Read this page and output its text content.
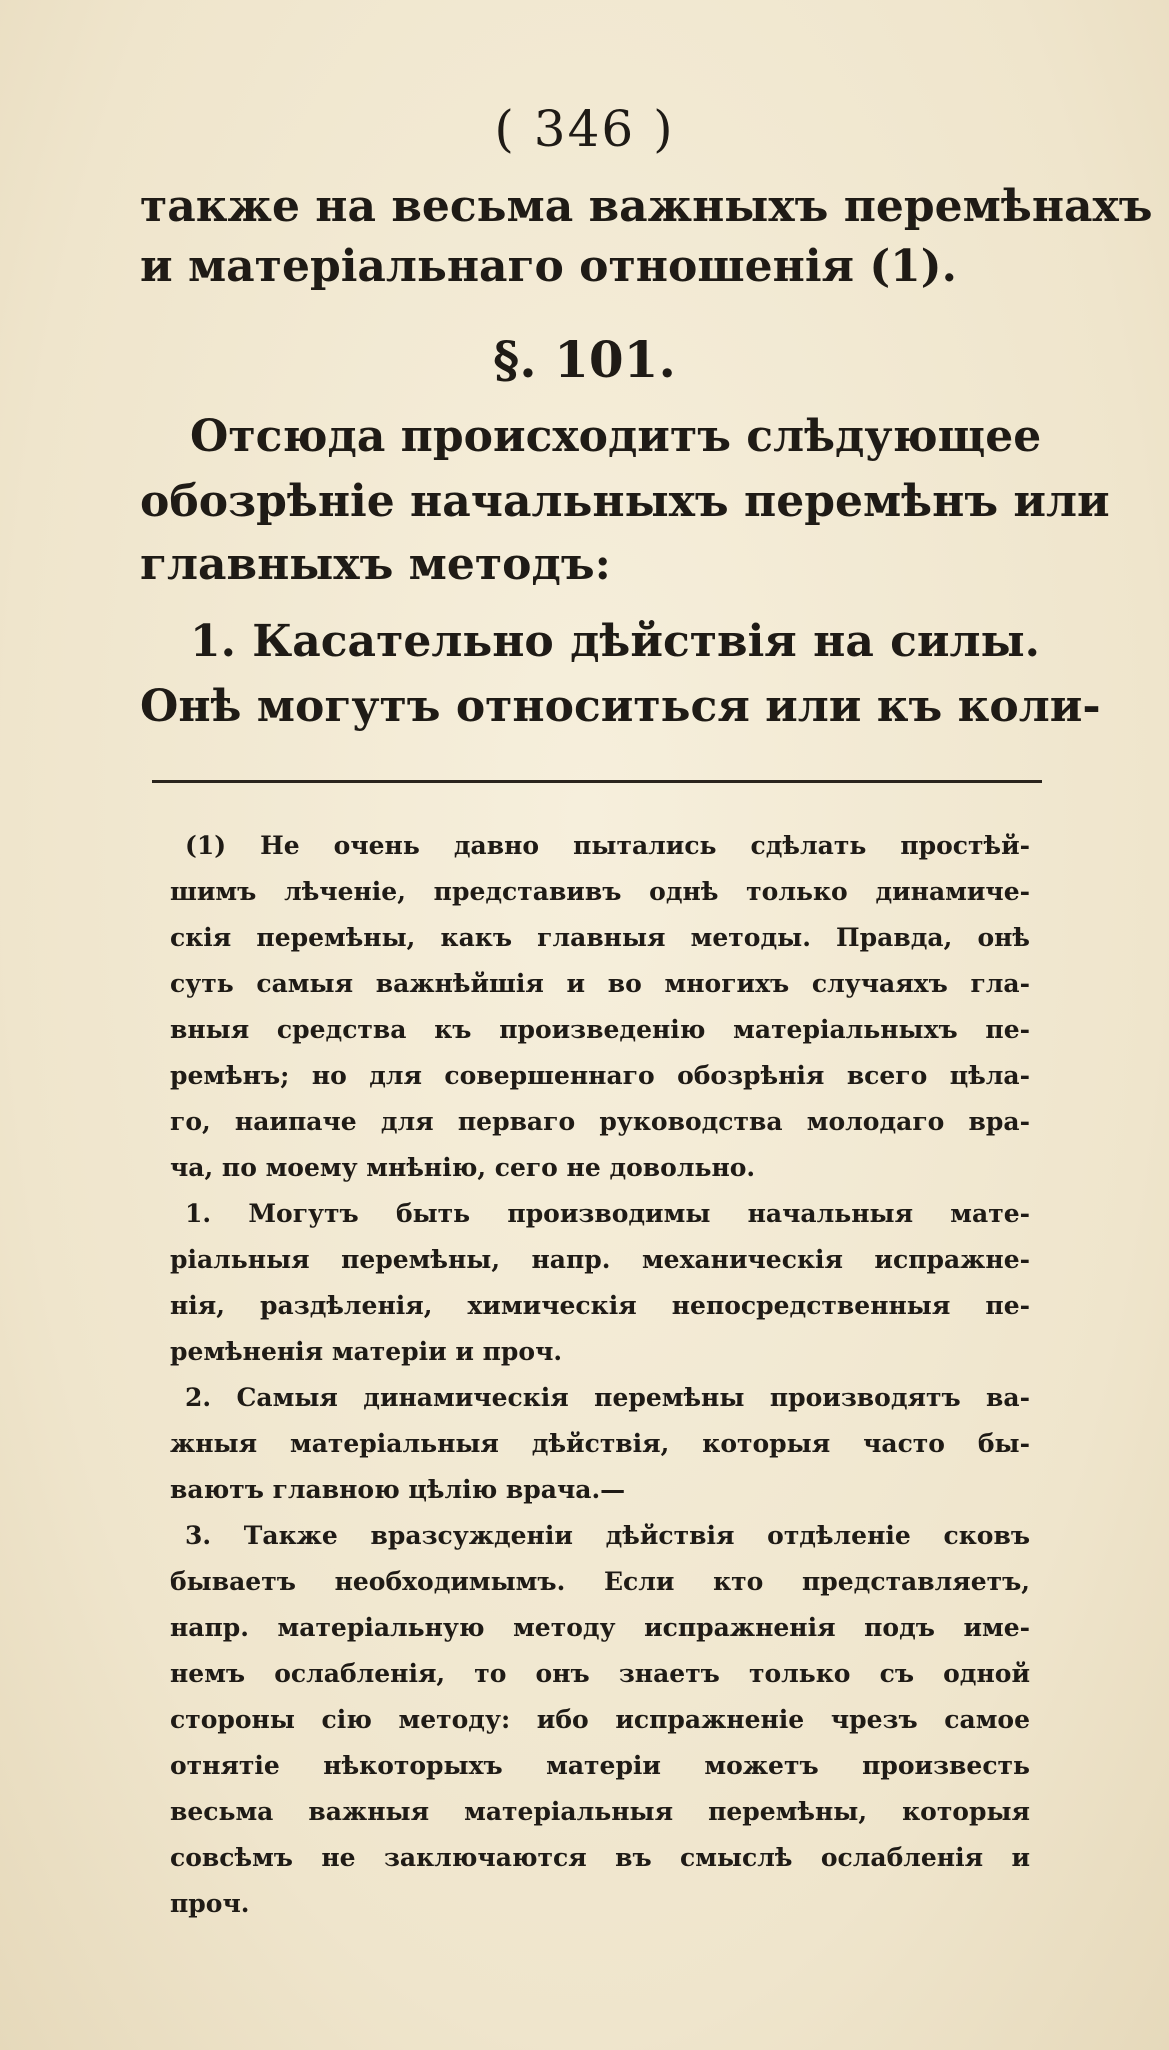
( 346 )
также на весьма важныхъ перемѣнахъ
и матеріальнаго отношенія (1).
§. 101.
Отсюда происходитъ слѣдующее
обозрѣніе начальныхъ перемѣнъ или
главныхъ методъ:
1. Касательно дѣйствія на силы.
Онѣ могутъ относиться или къ коли-
(1) Не очень давно пытались сдѣлать простѣй-
шимъ лѣченіе, представивъ однѣ только динамиче-
скія перемѣны, какъ главныя методы. Правда, онѣ
суть самыя важнѣйшія и во многихъ случаяхъ гла-
вныя средства къ произведенію матеріальныхъ пе-
ремѣнъ; но для совершеннаго обозрѣнія всего цѣла-
го, наипаче для перваго руководства молодаго вра-
ча, по моему мнѣнію, сего не довольно.
1. Могутъ быть производимы начальныя мате-
ріальныя перемѣны, напр. механическія испражне-
нія, раздѣленія, химическія непосредственныя пе-
ремѣненія матеріи и проч.
2. Самыя динамическія перемѣны производятъ ва-
жныя матеріальныя дѣйствія, которыя часто бы-
ваютъ главною цѣлію врача.—
3. Также вразсужденіи дѣйствія отдѣленіе сковъ
бываетъ необходимымъ. Если кто представляетъ,
напр. матеріальную методу испражненія подъ име-
немъ ослабленія, то онъ знаетъ только съ одной
стороны сію методу: ибо испражненіе чрезъ самое
отнятіе нѣкоторыхъ матеріи можетъ произвесть
весьма важныя матеріальныя перемѣны, которыя
совсѣмъ не заключаются въ смыслѣ ослабленія и
проч.
